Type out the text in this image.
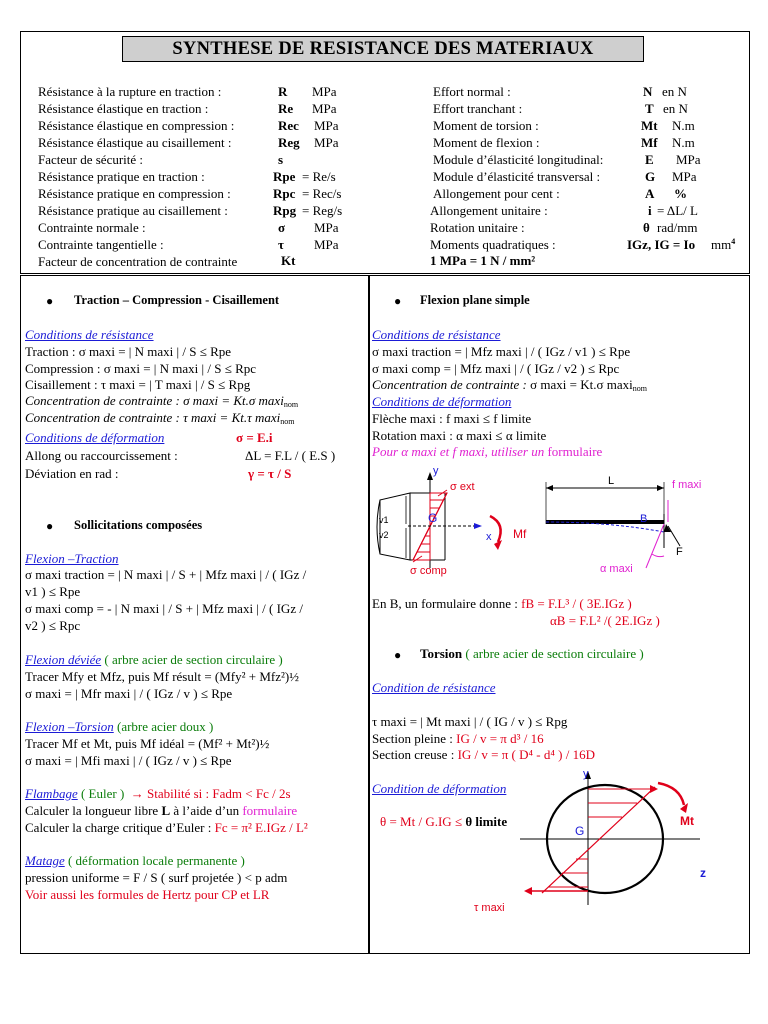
SYNTHESE DE RESISTANCE DES MATERIAUX
Résistance à la rupture en traction :	R MPa
Résistance élastique en traction :	Re MPa
Résistance élastique en compression :	Rec MPa
Résistance élastique au cisaillement :	Reg MPa
Facteur de sécurité :	s
Résistance pratique en traction :	Rpe = Re/s
Résistance pratique en compression :	Rpc = Rec/s
Résistance pratique au cisaillement :	Rpg = Reg/s
Contrainte normale :	σ MPa
Contrainte tangentielle :	τ MPa
Facteur de concentration de contrainte	Kt
Effort normal :	N en N
Effort tranchant :	T en N
Moment de torsion :	Mt N.m
Moment de flexion :	Mf N.m
Module d’élasticité longitudinal:	E MPa
Module d’élasticité transversal :	G MPa
Allongement pour cent :	A %
Allongement unitaire :	i = ΔL/ L
Rotation unitaire :	θ rad/mm
Moments quadratiques :	IGz, IG = Io $mm^4$
1 MPa = 1 N / mm²
● Traction – Compression - Cisaillement
Conditions de résistance
Traction : σ maxi = | N maxi | / S ≤ Rpe
Compression : σ maxi = | N maxi | / S ≤ Rpc
Cisaillement : τ maxi = | T maxi | / S ≤ Rpg
Concentration de contrainte : σ maxi = Kt.σ maxi$_{nom}$
Concentration de contrainte : τ maxi = Kt.τ maxi$_{nom}$
Conditions de déformation	σ = E.i
Allong ou raccourcissement :	ΔL = F.L / ( E.S )
Déviation en rad :	γ = τ / S
● Sollicitations composées
Flexion –Traction
σ maxi traction = | N maxi | / S + | Mfz maxi | / ( IGz /
v1 ) ≤ Rpe
σ maxi comp = - | N maxi | / S + | Mfz maxi | / ( IGz /
v2 ) ≤ Rpc
Flexion déviée ( arbre acier de section circulaire )
Tracer Mfy et Mfz, puis Mf résult = (Mfy² + Mfz²)½
σ maxi = | Mfr maxi | / ( IGz / v ) ≤ Rpe
Flexion –Torsion (arbre acier doux )
Tracer Mf et Mt, puis Mf idéal = (Mf² + Mt²)½
σ maxi = | Mfi maxi | / ( IGz / v ) ≤ Rpe
Flambage ( Euler ) → Stabilité si : Fadm < Fc / 2s
Calculer la longueur libre L à l’aide d’un formulaire
Calculer la charge critique d’Euler : Fc = π² E.IGz / L²
Matage ( déformation locale permanente )
pression uniforme = F / S ( surf projetée ) < p adm
Voir aussi les formules de Hertz pour CP et LR
● Flexion plane simple
Conditions de résistance
σ maxi traction = | Mfz maxi | / ( IGz / v1 ) ≤ Rpe
σ maxi comp = | Mfz maxi | / ( IGz / v2 ) ≤ Rpc
Concentration de contrainte : σ maxi = Kt.σ maxi$_{nom}$
Conditions de déformation
Flèche maxi : f maxi ≤ f limite
Rotation maxi : α maxi ≤ α limite
Pour α maxi et f maxi, utiliser un formulaire
y
σ ext
G
v1
v2	x Mf
σ comp
L	f maxi
B
F
α maxi
En B, un formulaire donne : fB = F.L³ / ( 3E.IGz )
αB = F.L² /( 2E.IGz )
● Torsion ( arbre acier de section circulaire )
Condition de résistance
τ maxi = | Mt maxi | / ( IG / v ) ≤ Rpg
Section pleine : IG / v = π d³ / 16
Section creuse : IG / v = π ( D⁴ - d⁴ ) / 16D
Condition de déformation
θ = Mt / G.IG ≤ θ limite
y
G
Mt
z
τ maxi
